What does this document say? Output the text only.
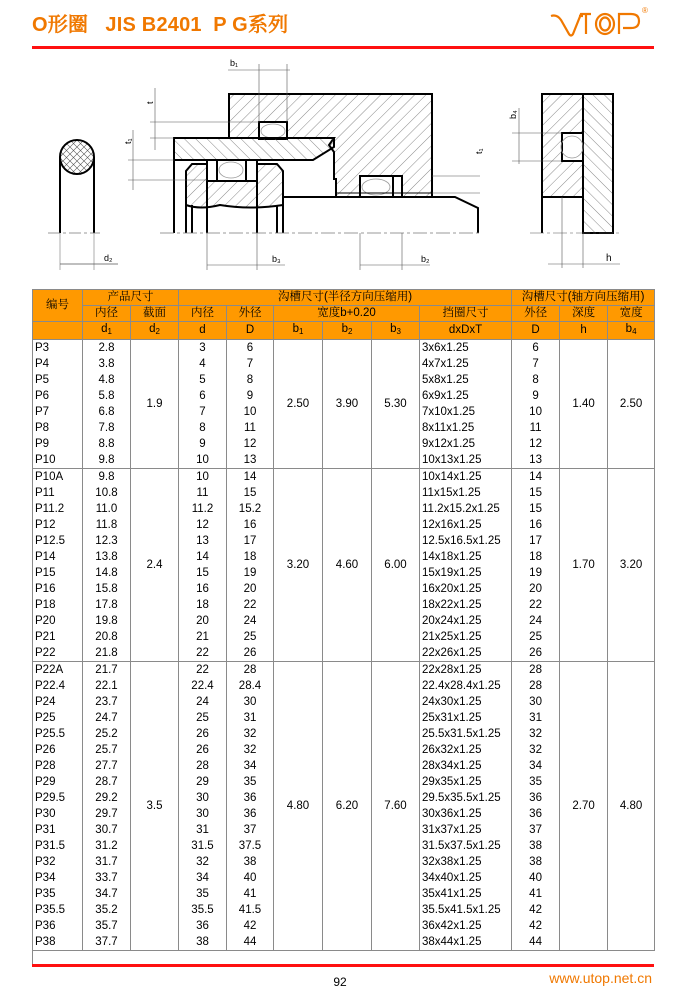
O形圈   JIS B2401  P G系列
®
d₂
b₁
t
t₁
b₃	b₂
t₁
b₄
h
编号	产品尺寸		沟槽尺寸(半径方向压缩用)						沟槽尺寸(轴方向压缩用)		
	内径	截面	内径	外径	宽度b+0.20			挡圈尺寸	外径	深度	宽度
	$d_1$	$d_2$	d	D	$b_1$	$b_2$	$b_3$	dxDxT	D	h	$b_4$
P3	2.8	1.9	3	6	2.50	3.90	5.30	3x6x1.25	6	1.40	2.50
P4	3.8		4	7				4x7x1.25	7		
P5	4.8		5	8				5x8x1.25	8		
P6	5.8		6	9				6x9x1.25	9		
P7	6.8		7	10				7x10x1.25	10		
P8	7.8		8	11				8x11x1.25	11		
P9	8.8		9	12				9x12x1.25	12		
P10	9.8		10	13				10x13x1.25	13		
P10A	9.8	2.4	10	14	3.20	4.60	6.00	10x14x1.25	14	1.70	3.20
P11	10.8		11	15				11x15x1.25	15		
P11.2	11.0		11.2	15.2				11.2x15.2x1.25	15		
P12	11.8		12	16				12x16x1.25	16		
P12.5	12.3		13	17				12.5x16.5x1.25	17		
P14	13.8		14	18				14x18x1.25	18		
P15	14.8		15	19				15x19x1.25	19		
P16	15.8		16	20				16x20x1.25	20		
P18	17.8		18	22				18x22x1.25	22		
P20	19.8		20	24				20x24x1.25	24		
P21	20.8		21	25				21x25x1.25	25		
P22	21.8		22	26				22x26x1.25	26		
P22A	21.7	3.5	22	28	4.80	6.20	7.60	22x28x1.25	28	2.70	4.80
P22.4	22.1		22.4	28.4				22.4x28.4x1.25	28		
P24	23.7		24	30				24x30x1.25	30		
P25	24.7		25	31				25x31x1.25	31		
P25.5	25.2		26	32				25.5x31.5x1.25	32		
P26	25.7		26	32				26x32x1.25	32		
P28	27.7		28	34				28x34x1.25	34		
P29	28.7		29	35				29x35x1.25	35		
P29.5	29.2		30	36				29.5x35.5x1.25	36		
P30	29.7		30	36				30x36x1.25	36		
P31	30.7		31	37				31x37x1.25	37		
P31.5	31.2		31.5	37.5				31.5x37.5x1.25	38		
P32	31.7		32	38				32x38x1.25	38		
P34	33.7		34	40				34x40x1.25	40		
P35	34.7		35	41				35x41x1.25	41		
P35.5	35.2		35.5	41.5				35.5x41.5x1.25	42		
P36	35.7		36	42				36x42x1.25	42		
P38	37.7		38	44				38x44x1.25	44		
92	www.utop.net.cn
